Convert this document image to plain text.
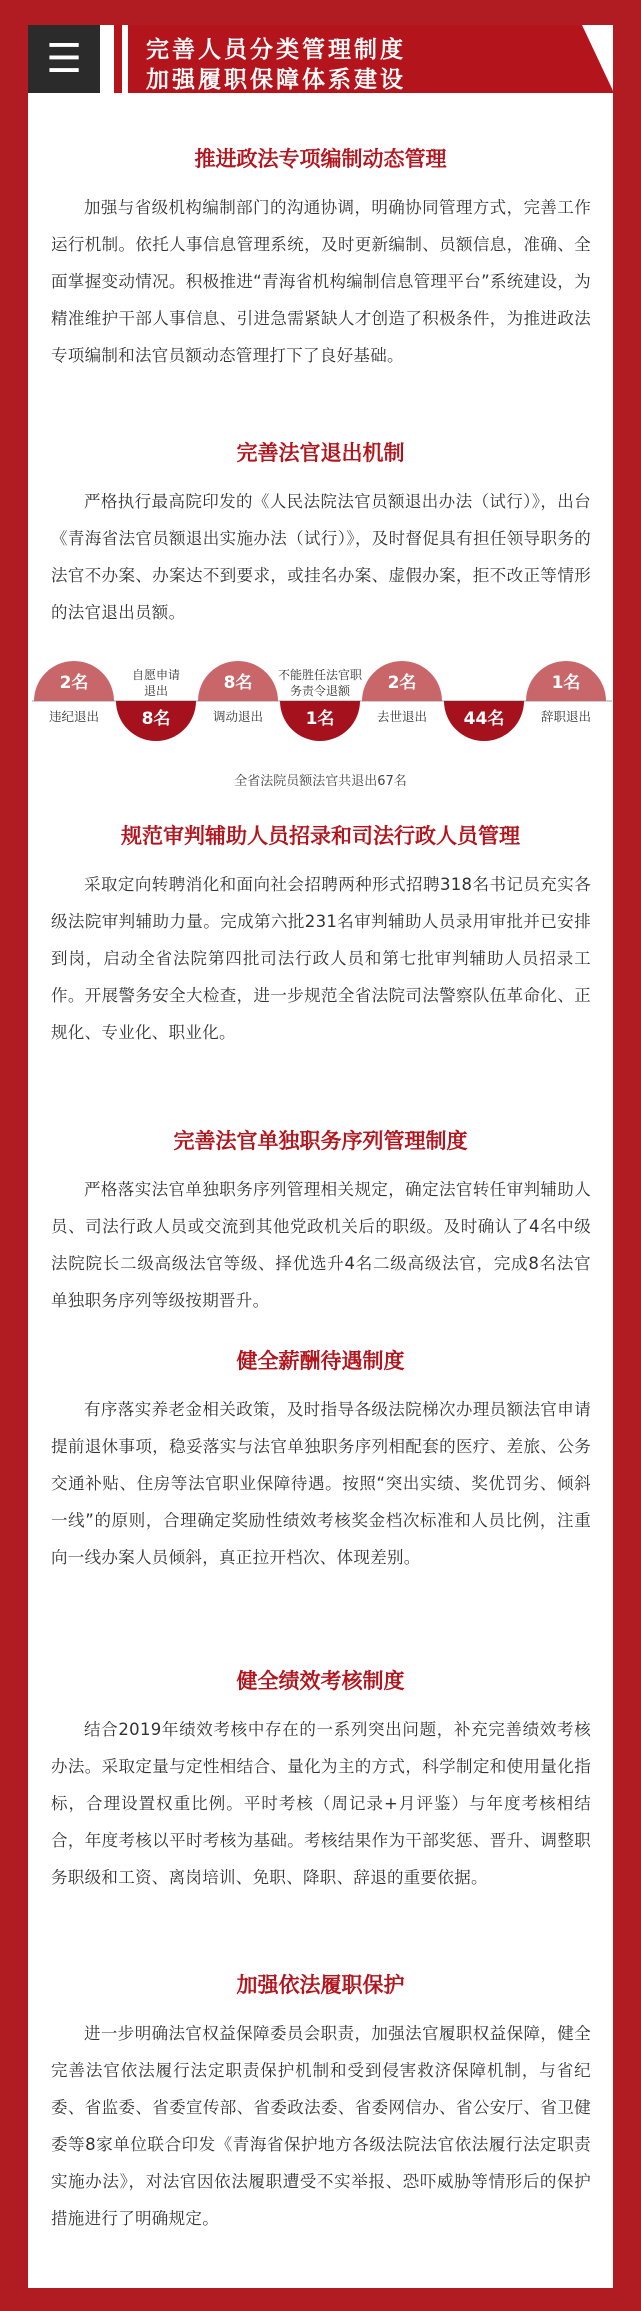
☰	完善人员分类管理制度
加强履职保障体系建设
推进政法专项编制动态管理

加强与省级机构编制部门的沟通协调，明确协同管理方式，完善工作运行机制。依托人事信息管理系统，及时更新编制、员额信息，准确、全面掌握变动情况。积极推进“青海省机构编制信息管理平台”系统建设，为精准维护干部人事信息、引进急需紧缺人才创造了积极条件，为推进政法专项编制和法官员额动态管理打下了良好基础。

完善法官退出机制

严格执行最高院印发的《人民法院法官员额退出办法（试行）》，出台《青海省法官员额退出实施办法（试行）》，及时督促具有担任领导职务的法官不办案、办案达不到要求，或挂名办案、虚假办案，拒不改正等情形的法官退出员额。

2名
违纪退出	8名
自愿申请
退出	8名
调动退出	1名
不能胜任法官职
务责令退额 2名
去世退出 44名
1名
辞职退出
全省法院员额法官共退出67名
规范审判辅助人员招录和司法行政人员管理

采取定向转聘消化和面向社会招聘两种形式招聘318名书记员充实各级法院审判辅助力量。完成第六批231名审判辅助人员录用审批并已安排到岗，启动全省法院第四批司法行政人员和第七批审判辅助人员招录工作。开展警务安全大检查，进一步规范全省法院司法警察队伍革命化、正规化、专业化、职业化。

完善法官单独职务序列管理制度

严格落实法官单独职务序列管理相关规定，确定法官转任审判辅助人员、司法行政人员或交流到其他党政机关后的职级。及时确认了4名中级法院院长二级高级法官等级、择优选升4名二级高级法官，完成8名法官单独职务序列等级按期晋升。

健全薪酬待遇制度

有序落实养老金相关政策，及时指导各级法院梯次办理员额法官申请提前退休事项，稳妥落实与法官单独职务序列相配套的医疗、差旅、公务交通补贴、住房等法官职业保障待遇。按照“突出实绩、奖优罚劣、倾斜一线”的原则，合理确定奖励性绩效考核奖金档次标准和人员比例，注重向一线办案人员倾斜，真正拉开档次、体现差别。

健全绩效考核制度

结合2019年绩效考核中存在的一系列突出问题，补充完善绩效考核办法。采取定量与定性相结合、量化为主的方式，科学制定和使用量化指标，合理设置权重比例。平时考核（周记录+月评鉴）与年度考核相结合，年度考核以平时考核为基础。考核结果作为干部奖惩、晋升、调整职务职级和工资、离岗培训、免职、降职、辞退的重要依据。

加强依法履职保护

进一步明确法官权益保障委员会职责，加强法官履职权益保障，健全完善法官依法履行法定职责保护机制和受到侵害救济保障机制，与省纪委、省监委、省委宣传部、省委政法委、省委网信办、省公安厅、省卫健委等8家单位联合印发《青海省保护地方各级法院法官依法履行法定职责实施办法》，对法官因依法履职遭受不实举报、恐吓威胁等情形后的保护措施进行了明确规定。
